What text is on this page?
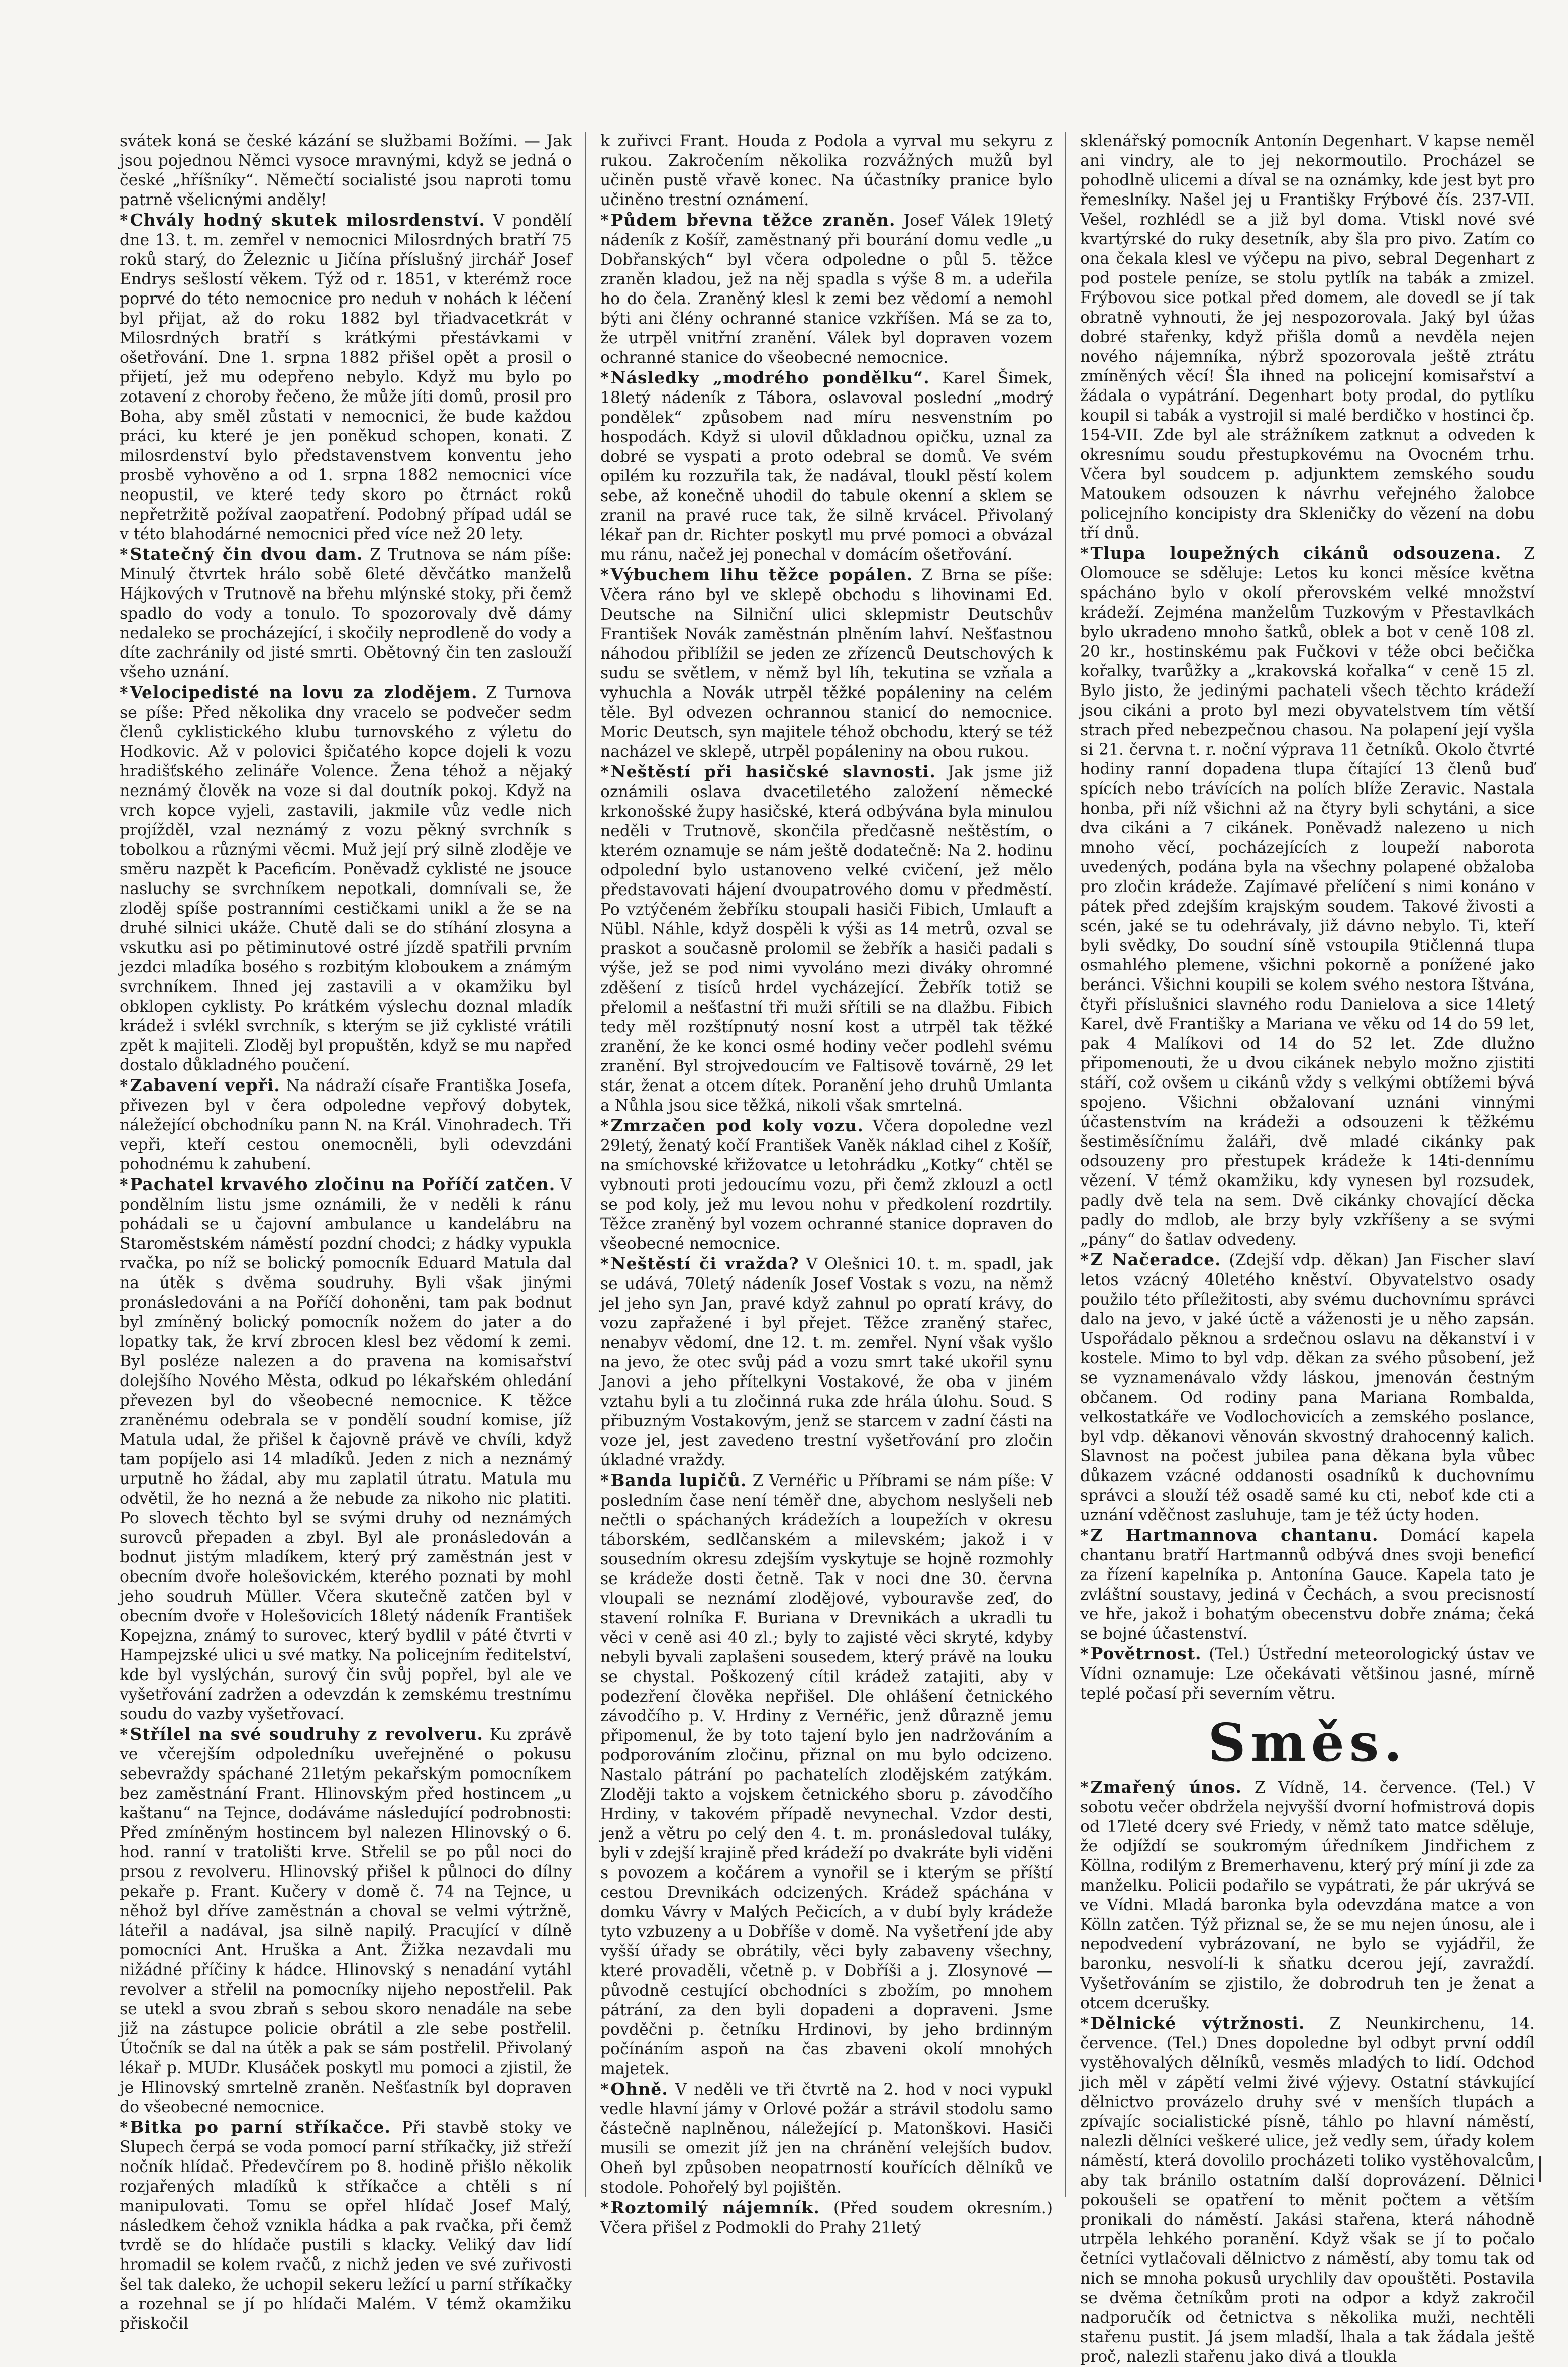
svátek koná se české kázání se službami Božími. — Jak jsou pojednou Němci vysoce mravnými, když se jedná o české „hříšníky“. Němečtí socialisté jsou naproti tomu patrně všelicnými anděly!

* Chvály hodný skutek milosrdenství. V pondělí dne 13. t. m. zemřel v nemocnici Milosrdných bratří 75 roků starý, do Železnic u Jičína příslušný jirchář Josef Endrys sešlostí věkem. Týž od r. 1851, v kterémž roce poprvé do této nemocnice pro neduh v nohách k léčení byl přijat, až do roku 1882 byl třiadvacetkrát v Milosrdných bratří s krátkými přestávkami v ošetřování. Dne 1. srpna 1882 přišel opět a prosil o přijetí, jež mu odepřeno nebylo. Když mu bylo po zotavení z choroby řečeno, že může jíti domů, prosil pro Boha, aby směl zůstati v nemocnici, že bude každou práci, ku které je jen poněkud schopen, konati. Z milosrdenství bylo představenstvem konventu jeho prosbě vyhověno a od 1. srpna 1882 nemocnici více neopustil, ve které tedy skoro po čtrnáct roků nepřetržitě požíval zaopatření. Podobný případ udál se v této blahodárné nemocnici před více než 20 lety.

* Statečný čin dvou dam. Z Trutnova se nám píše: Minulý čtvrtek hrálo sobě 6leté děvčátko manželů Hájkových v Trutnově na břehu mlýnské stoky, při čemž spadlo do vody a tonulo. To spozorovaly dvě dámy nedaleko se procházející, i skočily neprodleně do vody a díte zachránily od jisté smrti. Obětovný čin ten zaslouží všeho uznání.

* Velocipedisté na lovu za zlodějem. Z Turnova se píše: Před několika dny vracelo se podvečer sedm členů cyklistického klubu turnovského z výletu do Hodkovic. Až v polovici špičatého kopce dojeli k vozu hradišťského zelináře Volence. Žena téhož a nějaký neznámý člověk na voze si dal doutník pokoj. Když na vrch kopce vyjeli, zastavili, jakmile vůz vedle nich projížděl, vzal neznámý z vozu pěkný svrchník s tobolkou a různými věcmi. Muž její prý silně zloděje ve směru nazpět k Paceficím. Poněvadž cyklisté ne jsouce nasluchy se svrchníkem nepotkali, domnívali se, že zloděj spíše postranními cestičkami unikl a že se na druhé silnici ukáže. Chutě dali se do stíhání zlosyna a vskutku asi po pětiminutové ostré jízdě spatřili prvním jezdci mladíka bosého s rozbitým kloboukem a známým svrchníkem. Ihned jej zastavili a v okamžiku byl obklopen cyklisty. Po krátkém výslechu doznal mladík krádež i svlékl svrchník, s kterým se již cyklisté vrátili zpět k majiteli. Zloděj byl propuštěn, když se mu napřed dostalo důkladného poučení.

* Zabavení vepři. Na nádraží císaře Františka Josefa, přivezen byl v čera odpoledne vepřový dobytek, náležející obchodníku pann N. na Král. Vinohradech. Tři vepři, kteří cestou onemocněli, byli odevzdáni pohodnému k zahubení.

* Pachatel krvavého zločinu na Poříčí zatčen. V pondělním listu jsme oznámili, že v neděli k ránu pohádali se u čajovní ambulance u kandelábru na Staroměstském náměstí pozdní chodci; z hádky vypukla rvačka, po níž se bolický pomocník Eduard Matula dal na útěk s dvěma soudruhy. Byli však jinými pronásledováni a na Poříčí dohoněni, tam pak bodnut byl zmíněný bolický pomocník nožem do jater a do lopatky tak, že krví zbrocen klesl bez vědomí k zemi. Byl posléze nalezen a do pravena na komisařství dolejšího Nového Města, odkud po lékařském ohledání převezen byl do všeobecné nemocnice. K těžce zraněnému odebrala se v pondělí soudní komise, jíž Matula udal, že přišel k čajovně právě ve chvíli, když tam popíjelo asi 14 mladíků. Jeden z nich a neznámý urputně ho žádal, aby mu zaplatil útratu. Matula mu odvětil, že ho nezná a že nebude za nikoho nic platiti. Po slovech těchto byl se svými druhy od neznámých surovců přepaden a zbyl. Byl ale pronásledován a bodnut jistým mladíkem, který prý zaměstnán jest v obecním dvoře holešovickém, kterého poznati by mohl jeho soudruh Müller. Včera skutečně zatčen byl v obecním dvoře v Holešovicích 18letý nádeník František Kopejzna, známý to surovec, který bydlil v páté čtvrti v Hampejzské ulici u své matky. Na policejním ředitelství, kde byl vyslýchán, surový čin svůj popřel, byl ale ve vyšetřování zadržen a odevzdán k zemskému trestnímu soudu do vazby vyšetřovací.

* Střílel na své soudruhy z revolveru. Ku zprávě ve včerejším odpoledníku uveřejněné o pokusu sebevraždy spáchané 21letým pekařským pomocníkem bez zaměstnání Frant. Hlinovským před hostincem „u kaštanu“ na Tejnce, dodáváme následující podrobnosti: Před zmíněným hostincem byl nalezen Hlinovský o 6. hod. ranní v tratolišti krve. Střelil se po půl noci do prsou z revolveru. Hlinovský přišel k půlnoci do dílny pekaře p. Frant. Kučery v domě č. 74 na Tejnce, u něhož byl dříve zaměstnán a choval se velmi výtržně, láteřil a nadával, jsa silně napilý. Pracující v dílně pomocníci Ant. Hruška a Ant. Žižka nezavdali mu nižádné příčiny k hádce. Hlinovský s nenadání vytáhl revolver a střelil na pomocníky nijeho nepostřelil. Pak se utekl a svou zbraň s sebou skoro nenadále na sebe již na zástupce policie obrátil a zle sebe postřelil. Útočník se dal na útěk a pak se sám postřelil. Přivolaný lékař p. MUDr. Klusáček poskytl mu pomoci a zjistil, že je Hlinovský smrtelně zraněn. Nešťastník byl dopraven do všeobecné nemocnice.

* Bitka po parní stříkačce. Při stavbě stoky ve Slupech čerpá se voda pomocí parní stříkačky, již střeží nočník hlídač. Předevčírem po 8. hodině přišlo několik rozjařených mladíků k stříkačce a chtěli s ní manipulovati. Tomu se opřel hlídač Josef Malý, následkem čehož vznikla hádka a pak rvačka, při čemž tvrdě se do hlídače pustili s klacky. Veliký dav lidí hromadil se kolem rvačů, z nichž jeden ve své zuřivosti šel tak daleko, že uchopil sekeru ležící u parní stříkačky a rozehnal se jí po hlídači Malém. V témž okamžiku přiskočil

k zuřivci Frant. Houda z Podola a vyrval mu sekyru z rukou. Zakročením několika rozvážných mužů byl učiněn pustě vřavě konec. Na účastníky pranice bylo učiněno trestní oznámení.

* Půdem břevna těžce zraněn. Josef Válek 19letý nádeník z Košíř, zaměstnaný při bourání domu vedle „u Dobřanských“ byl včera odpoledne o půl 5. těžce zraněn kladou, jež na něj spadla s výše 8 m. a udeřila ho do čela. Zraněný klesl k zemi bez vědomí a nemohl býti ani člény ochranné stanice vzkříšen. Má se za to, že utrpěl vnitřní zranění. Válek byl dopraven vozem ochranné stanice do všeobecné nemocnice.

* Následky „modrého pondělku“. Karel Šimek, 18letý nádeník z Tábora, oslavoval poslední „modrý pondělek“ způsobem nad míru nesvenstním po hospodách. Když si ulovil důkladnou opičku, uznal za dobré se vyspati a proto odebral se domů. Ve svém opilém ku rozzuřila tak, že nadával, tloukl pěstí kolem sebe, až konečně uhodil do tabule okenní a sklem se zranil na pravé ruce tak, že silně krvácel. Přivolaný lékař pan dr. Richter poskytl mu prvé pomoci a obvázal mu ránu, načež jej ponechal v domácím ošetřování.

* Výbuchem lihu těžce popálen. Z Brna se píše: Včera ráno byl ve sklepě obchodu s lihovinami Ed. Deutsche na Silniční ulici sklepmistr Deutschův František Novák zaměstnán plněním lahví. Nešťastnou náhodou přiblížil se jeden ze zřízenců Deutschových k sudu se světlem, v němž byl líh, tekutina se vzňala a vyhuchla a Novák utrpěl těžké popáleniny na celém těle. Byl odvezen ochrannou stanicí do nemocnice. Moric Deutsch, syn majitele téhož obchodu, který se též nacházel ve sklepě, utrpěl popáleniny na obou rukou.

* Neštěstí při hasičské slavnosti. Jak jsme již oznámili oslava dvacetiletého založení německé krkonošské župy hasičské, která odbývána byla minulou neděli v Trutnově, skončila předčasně neštěstím, o kterém oznamuje se nám ještě dodatečně: Na 2. hodinu odpolední bylo ustanoveno velké cvičení, jež mělo představovati hájení dvoupatrového domu v předměstí. Po vztýčeném žebříku stoupali hasiči Fibich, Umlauft a Nübl. Náhle, když dospěli k výši as 14 metrů, ozval se praskot a současně prolomil se žebřík a hasiči padali s výše, jež se pod nimi vyvoláno mezi diváky ohromné zděšení z tisíců hrdel vycházející. Žebřík totiž se přelomil a nešťastní tři muži sřítili se na dlažbu. Fibich tedy měl rozštípnutý nosní kost a utrpěl tak těžké zranění, že ke konci osmé hodiny večer podlehl svému zranění. Byl strojvedoucím ve Faltisově továrně, 29 let stár, ženat a otcem dítek. Poranění jeho druhů Umlanta a Nůhla jsou sice těžká, nikoli však smrtelná.

* Zmrzačen pod koly vozu. Včera dopoledne vezl 29letý, ženatý kočí František Vaněk náklad cihel z Košíř, na smíchovské křižovatce u letohrádku „Kotky“ chtěl se vybnouti proti jedoucímu vozu, při čemž zklouzl a octl se pod koly, jež mu levou nohu v předkolení rozdrtily. Těžce zraněný byl vozem ochranné stanice dopraven do všeobecné nemocnice.

* Neštěstí či vražda? V Olešnici 10. t. m. spadl, jak se udává, 70letý nádeník Josef Vostak s vozu, na němž jel jeho syn Jan, pravé když zahnul po opratí krávy, do vozu zapřažené i byl přejet. Těžce zraněný stařec, nenabyv vědomí, dne 12. t. m. zemřel. Nyní však vyšlo na jevo, že otec svůj pád a vozu smrt také ukořil synu Janovi a jeho přítelkyni Vostakové, že oba v jiném vztahu byli a tu zločinná ruka zde hrála úlohu. Soud. S přibuzným Vostakovým, jenž se starcem v zadní části na voze jel, jest zavedeno trestní vyšetřování pro zločin úkladné vraždy.

* Banda lupičů. Z Vernéřic u Příbrami se nám píše: V posledním čase není téměř dne, abychom neslyšeli neb nečtli o spáchaných krádežích a loupežích v okresu táborském, sedlčanském a milevském; jakož i v sousedním okresu zdejším vyskytuje se hojně rozmohly se krádeže dosti četně. Tak v noci dne 30. června vloupali se neznámí zlodějové, vybouravše zeď, do stavení rolníka F. Buriana v Drevnikách a ukradli tu věci v ceně asi 40 zl.; byly to zajisté věci skryté, kdyby nebyli byvali zaplašeni sousedem, který právě na louku se chystal. Poškozený cítil krádež zatajiti, aby v podezření člověka nepřišel. Dle ohlášení četnického závodčího p. V. Hrdiny z Vernéřic, jenž důrazně jemu připomenul, že by toto tajení bylo jen nadržováním a podporováním zločinu, přiznal on mu bylo odcizeno. Nastalo pátrání po pachatelích zlodějském zatýkám. Zloději takto a vojskem četnického sboru p. závodčího Hrdiny, v takovém případě nevynechal. Vzdor desti, jenž a větru po celý den 4. t. m. pronásledoval tuláky, byli v zdejší krajině před krádeží po dvakráte byli viděni s povozem a kočárem a vynořil se i kterým se příští cestou Drevnikách odcizených. Krádež spáchána v domku Vávry v Malých Pečicích, a v dubí byly krádeže tyto vzbuzeny a u Dobříše v domě. Na vyšetření jde aby vyšší úřady se obrátily, věci byly zabaveny všechny, které provaděli, včetně p. v Dobříši a j. Zlosynové — původně cestující obchodníci s zbožím, po mnohem pátrání, za den byli dopadeni a dopraveni. Jsme povděčni p. četníku Hrdinovi, by jeho brdinným počínáním aspoň na čas zbaveni okolí mnohých majetek.

* Ohně. V neděli ve tři čtvrtě na 2. hod v noci vypukl vedle hlavní jámy v Orlové požár a strávil stodolu samo částečně naplněnou, náležející p. Matonškovi. Hasiči musili se omezit jíž jen na chránění velejších budov. Oheň byl způsoben neopatrností kouřících dělníků ve stodole. Pohořelý byl pojištěn.

* Roztomilý nájemník. (Před soudem okresním.) Včera přišel z Podmokli do Prahy 21letý

sklenářský pomocník Antonín Degenhart. V kapse neměl ani vindry, ale to jej nekormoutilo. Procházel se pohodlně ulicemi a díval se na oznámky, kde jest byt pro řemeslníky. Našel jej u Františky Frýbové čís. 237-VII. Vešel, rozhlédl se a již byl doma. Vtiskl nové své kvartýrské do ruky desetník, aby šla pro pivo. Zatím co ona čekala klesl ve výčepu na pivo, sebral Degenhart z pod postele peníze, se stolu pytlík na tabák a zmizel. Frýbovou sice potkal před domem, ale dovedl se jí tak obratně vyhnouti, že jej nespozorovala. Jaký byl úžas dobré stařenky, když přišla domů a nevděla nejen nového nájemníka, nýbrž spozorovala ještě ztrátu zmíněných věcí! Šla ihned na policejní komisařství a žádala o vypátrání. Degenhart boty prodal, do pytlíku koupil si tabák a vystrojil si malé berdičko v hostinci čp. 154-VII. Zde byl ale strážníkem zatknut a odveden k okresnímu soudu přestupkovému na Ovocném trhu. Včera byl soudcem p. adjunktem zemského soudu Matoukem odsouzen k návrhu veřejného žalobce policejního koncipisty dra Skleničky do vězení na dobu tří dnů.

* Tlupa loupežných cikánů odsouzena. Z Olomouce se sděluje: Letos ku konci měsíce května spácháno bylo v okolí přerovském velké množství krádeží. Zejména manželům Tuzkovým v Přestavlkách bylo ukradeno mnoho šatků, oblek a bot v ceně 108 zl. 20 kr., hostinskému pak Fučkovi v téže obci bečička kořalky, tvarůžky a „krakovská kořalka“ v ceně 15 zl. Bylo jisto, že jedinými pachateli všech těchto krádeží jsou cikáni a proto byl mezi obyvatelstvem tím větší strach před nebezpečnou chasou. Na polapení její vyšla si 21. června t. r. noční výprava 11 četníků. Okolo čtvrté hodiny ranní dopadena tlupa čítající 13 členů buď spících nebo trávících na polích blíže Zeravic. Nastala honba, při níž všichni až na čtyry byli schytáni, a sice dva cikáni a 7 cikánek. Poněvadž nalezeno u nich mnoho věcí, pocházejících z loupeží naborota uvedených, podána byla na všechny polapené obžaloba pro zločin krádeže. Zajímavé přelíčení s nimi konáno v pátek před zdejším krajským soudem. Takové živosti a scén, jaké se tu odehrávaly, již dávno nebylo. Ti, kteří byli svědky, Do soudní síně vstoupila 9tičlenná tlupa osmahlého plemene, všichni pokorně a ponížené jako beránci. Všichni koupili se kolem svého nestora Ištvána, čtyři příslušnici slavného rodu Danielova a sice 14letý Karel, dvě Františky a Mariana ve věku od 14 do 59 let, pak 4 Malíkovi od 14 do 52 let. Zde dlužno připomenouti, že u dvou cikánek nebylo možno zjistiti stáří, což ovšem u cikánů vždy s velkými obtížemi bývá spojeno. Všichni obžalovaní uznáni vinnými účastenstvím na krádeži a odsouzeni k těžkému šestiměsíčnímu žaláři, dvě mladé cikánky pak odsouzeny pro přestupek krádeže k 14ti-dennímu vězení. V témž okamžiku, kdy vynesen byl rozsudek, padly dvě tela na sem. Dvě cikánky chovající děcka padly do mdlob, ale brzy byly vzkříšeny a se svými „pány“ do šatlav odvedeny.

* Z Načeradce. (Zdejší vdp. děkan) Jan Fischer slaví letos vzácný 40letého kněství. Obyvatelstvo osady použilo této příležitosti, aby svému duchovnímu správci dalo na jevo, v jaké úctě a váženosti je u něho zapsán. Uspořádalo pěknou a srdečnou oslavu na děkanství i v kostele. Mimo to byl vdp. děkan za svého působení, jež se vyznamenávalo vždy láskou, jmenován čestným občanem. Od rodiny pana Mariana Rombalda, velkostatkáře ve Vodlochovicích a zemského poslance, byl vdp. děkanovi věnován skvostný drahocenný kalich. Slavnost na počest jubilea pana děkana byla vůbec důkazem vzácné oddanosti osadníků k duchovnímu správci a slouží též osadě samé ku cti, neboť kde cti a uznání vděčnost zasluhuje, tam je též úcty hoden.

* Z Hartmannova chantanu. Domácí kapela chantanu bratří Hartmannů odbývá dnes svoji beneficí za řízení kapelníka p. Antonína Gauce. Kapela tato je zvláštní soustavy, jediná v Čechách, a svou precisností ve hře, jakož i bohatým obecenstvu dobře známa; čeká se bojné účastenství.

* Povětrnost. (Tel.) Ústřední meteorologický ústav ve Vídni oznamuje: Lze očekávati většinou jasné, mírně teplé počasí při severním větru.

Směs.

* Zmařený únos. Z Vídně, 14. července. (Tel.) V sobotu večer obdržela nejvyšší dvorní hofmistrová dopis od 17leté dcery své Friedy, v němž tato matce sděluje, že odjíždí se soukromým úředníkem Jindřichem z Köllna, rodilým z Bremerhavenu, který prý míní ji zde za manželku. Policii podařilo se vypátrati, že pár ukrývá se ve Vídni. Mladá baronka byla odevzdána matce a von Kölln zatčen. Týž přiznal se, že se mu nejen únosu, ale i nepodvedení vybrázovaní, ne bylo se vyjádřil, že baronku, nesvolí-li k sňatku dcerou její, zavraždí. Vyšetřováním se zjistilo, že dobrodruh ten je ženat a otcem dcerušky.

* Dělnické výtržnosti. Z Neunkirchenu, 14. července. (Tel.) Dnes dopoledne byl odbyt první oddíl vystěhovalých dělníků, vesměs mladých to lidí. Odchod jich měl v zápětí velmi živé výjevy. Ostatní stávkující dělnictvo provázelo druhy své v menších tlupách a zpívajíc socialistické písně, táhlo po hlavní náměstí, nalezli dělníci veškeré ulice, jež vedly sem, úřady kolem náměstí, která dovolilo procházeti toliko vystěhovalcům, aby tak bránilo ostatním další doprovázení. Dělnici pokoušeli se opatření to měnit počtem a větším pronikali do náměstí. Jakási stařena, která náhodně utrpěla lehkého poranění. Když však se jí to počalo četníci vytlačovali dělnictvo z náměstí, aby tomu tak od nich se mnoha pokusů urychlily dav opouštěti. Postavila se dvěma četníkům proti na odpor a když zakročil nadporučík od četnictva s několika muži, nechtěli stařenu pustit. Já jsem mladší, lhala a tak žádala ještě proč, nalezli stařenu jako divá a tloukla
